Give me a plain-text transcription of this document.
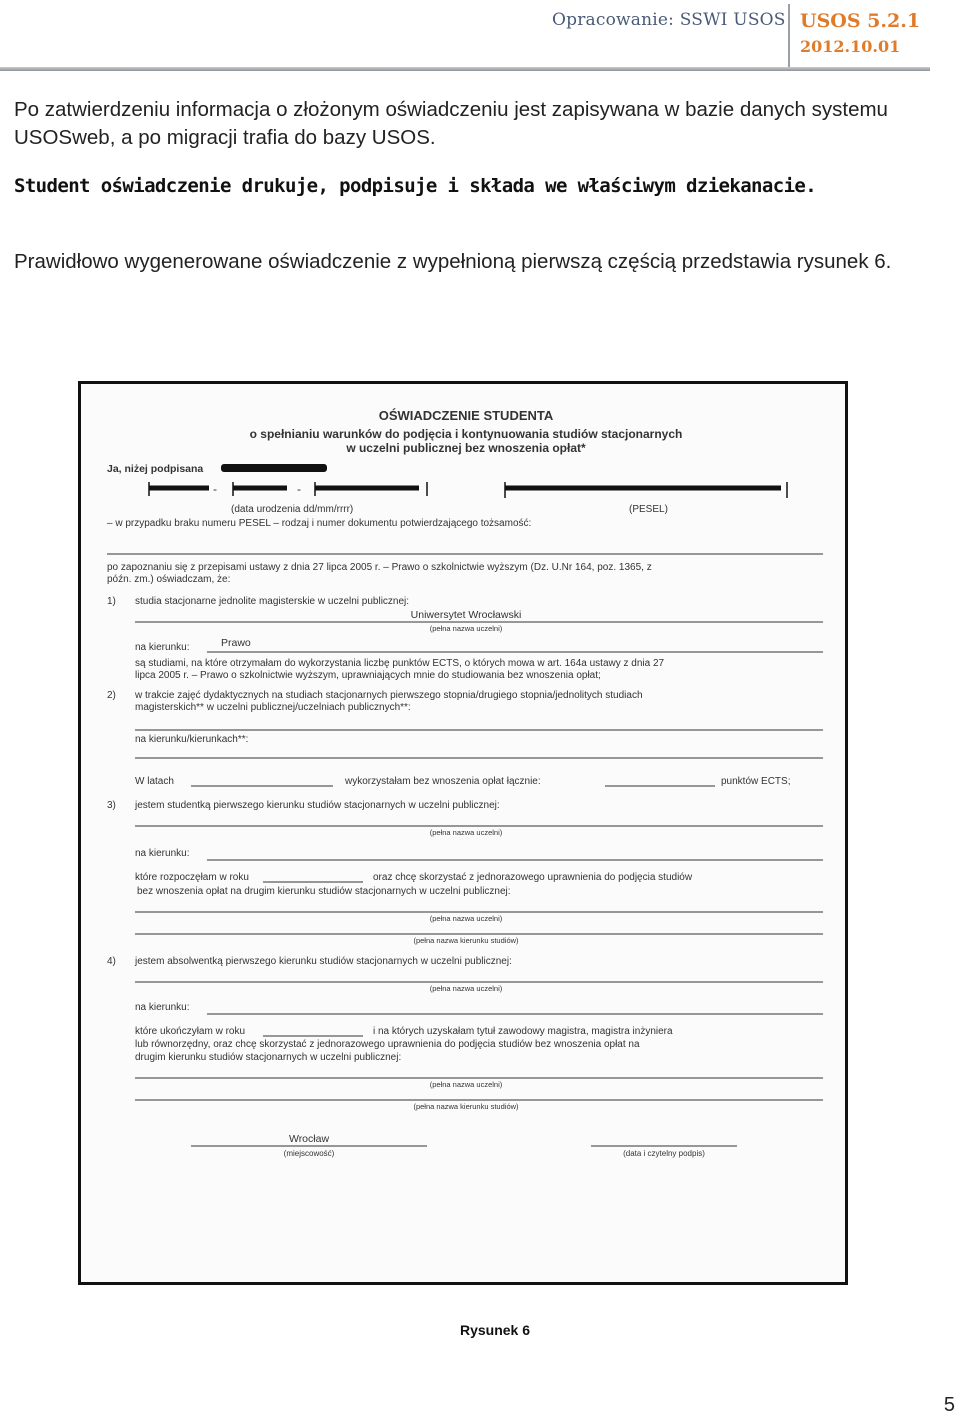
Opracowanie: SSWI USOS USOS 5.2.1
2012.10.01
Po zatwierdzeniu informacja o złożonym oświadczeniu jest zapisywana w bazie danych systemu USOSweb, a po migracji trafia do bazy USOS.
Student oświadczenie drukuje, podpisuje i składa we właściwym dziekanacie.
Prawidłowo wygenerowane oświadczenie z wypełnioną pierwszą częścią przedstawia rysunek 6.
OŚWIADCZENIE STUDENTA
o spełnianiu warunków do podjęcia i kontynuowania studiów stacjonarnych
w uczelni publicznej bez wnoszenia opłat*
Ja, niżej podpisana
-	-
(data urodzenia dd/mm/rrrr)	(PESEL)
– w przypadku braku numeru PESEL – rodzaj i numer dokumentu potwierdzającego tożsamość:
po zapoznaniu się z przepisami ustawy z dnia 27 lipca 2005 r. – Prawo o szkolnictwie wyższym (Dz. U.Nr 164, poz. 1365, z
późn. zm.) oświadczam, że:
1) studia stacjonarne jednolite magisterskie w uczelni publicznej:
Uniwersytet Wrocławski
(pełna nazwa uczelni)
na kierunku:	Prawo
są studiami, na które otrzymałam do wykorzystania liczbę punktów ECTS, o których mowa w art. 164a ustawy z dnia 27
lipca 2005 r. – Prawo o szkolnictwie wyższym, uprawniających mnie do studiowania bez wnoszenia opłat;
2) w trakcie zajęć dydaktycznych na studiach stacjonarnych pierwszego stopnia/drugiego stopnia/jednolitych studiach
magisterskich** w uczelni publicznej/uczelniach publicznych**:
na kierunku/kierunkach**:
W latach	wykorzystałam bez wnoszenia opłat łącznie:	punktów ECTS;
3) jestem studentką pierwszego kierunku studiów stacjonarnych w uczelni publicznej:
(pełna nazwa uczelni)
na kierunku:
które rozpoczęłam w roku	oraz chcę skorzystać z jednorazowego uprawnienia do podjęcia studiów
bez wnoszenia opłat na drugim kierunku studiów stacjonarnych w uczelni publicznej:
(pełna nazwa uczelni)
(pełna nazwa kierunku studiów)
4) jestem absolwentką pierwszego kierunku studiów stacjonarnych w uczelni publicznej:
(pełna nazwa uczelni)
na kierunku:
które ukończyłam w roku	i na których uzyskałam tytuł zawodowy magistra, magistra inżyniera
lub równorzędny, oraz chcę skorzystać z jednorazowego uprawnienia do podjęcia studiów bez wnoszenia opłat na
drugim kierunku studiów stacjonarnych w uczelni publicznej:
(pełna nazwa uczelni)
(pełna nazwa kierunku studiów)
Wrocław
(miejscowość)	(data i czytelny podpis)
Rysunek 6
5
